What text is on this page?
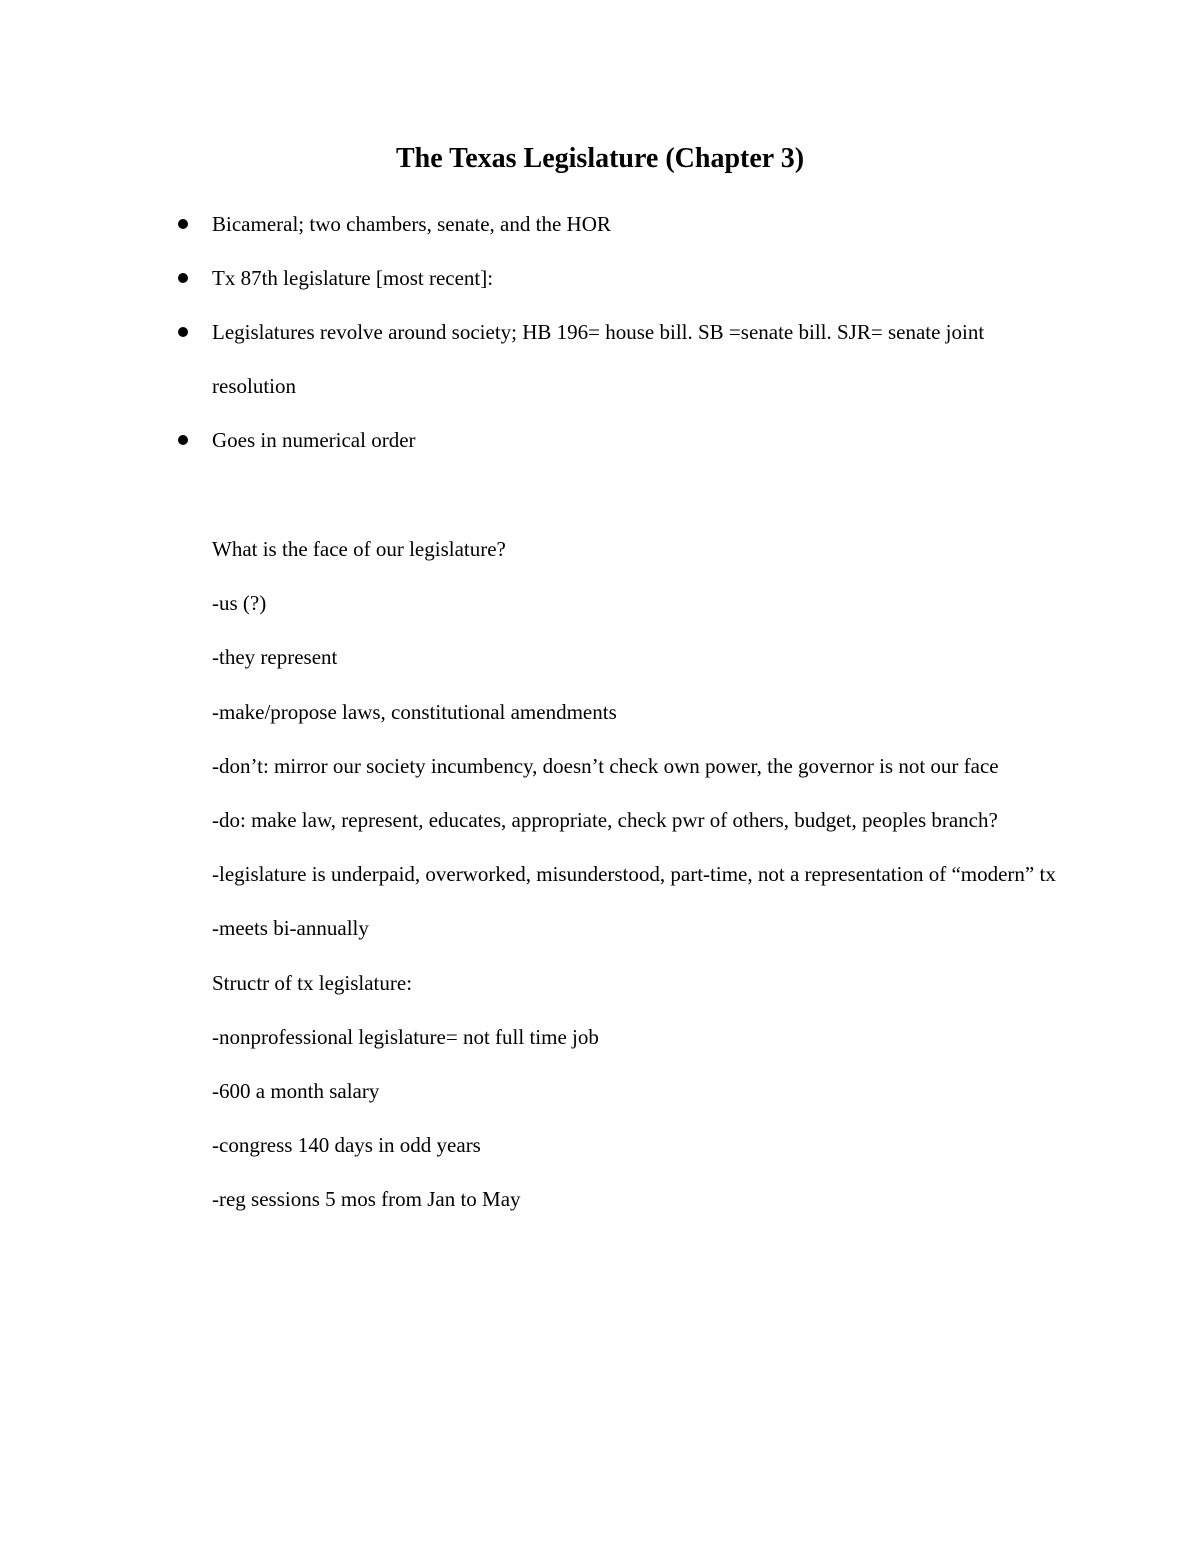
The Texas Legislature (Chapter 3)
Bicameral; two chambers, senate, and the HOR
Tx 87th legislature [most recent]:
Legislatures revolve around society; HB 196= house bill. SB =senate bill. SJR= senate joint resolution
Goes in numerical order
What is the face of our legislature?
-us (?)
-they represent
-make/propose laws, constitutional amendments
-don’t: mirror our society incumbency, doesn’t check own power, the governor is not our face
-do: make law, represent, educates, appropriate, check pwr of others, budget, peoples branch?
-legislature is underpaid, overworked, misunderstood, part-time, not a representation of “modern” tx
-meets bi-annually
Structr of tx legislature:
-nonprofessional legislature= not full time job
-600 a month salary
-congress 140 days in odd years
-reg sessions 5 mos from Jan to May
